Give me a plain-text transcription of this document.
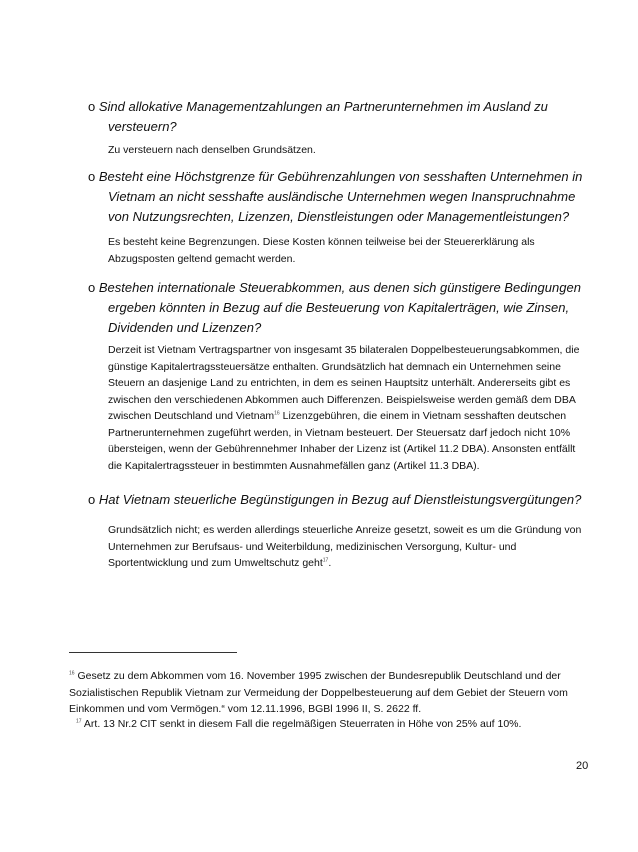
o Sind allokative Managementzahlungen an Partnerunternehmen im Ausland zu versteuern?
Zu versteuern nach denselben Grundsätzen.
o Besteht eine Höchstgrenze für Gebührenzahlungen von sesshaften Unternehmen in Vietnam an nicht sesshafte ausländische Unternehmen wegen Inanspruchnahme von Nutzungsrechten, Lizenzen, Dienstleistungen oder Managementleistungen?
Es besteht keine Begrenzungen. Diese Kosten können teilweise bei der Steuererklärung als Abzugsposten geltend gemacht werden.
o Bestehen internationale Steuerabkommen, aus denen sich günstigere Bedingungen ergeben könnten in Bezug auf die Besteuerung von Kapitalerträgen, wie Zinsen, Dividenden und Lizenzen?
Derzeit ist Vietnam Vertragspartner von insgesamt 35 bilateralen Doppelbesteuerungsabkommen, die günstige Kapitalertragssteuersätze enthalten. Grundsätzlich hat demnach ein Unternehmen seine Steuern an dasjenige Land zu entrichten, in dem es seinen Hauptsitz unterhält. Andererseits gibt es zwischen den verschiedenen Abkommen auch Differenzen. Beispielsweise werden gemäß dem DBA zwischen Deutschland und Vietnam$^{16}$ Lizenzgebühren, die einem in Vietnam sesshaften deutschen Partnerunternehmen zugeführt werden, in Vietnam besteuert. Der Steuersatz darf jedoch nicht 10% übersteigen, wenn der Gebührennehmer Inhaber der Lizenz ist (Artikel 11.2 DBA). Ansonsten entfällt die Kapitalertragssteuer in bestimmten Ausnahmefällen ganz (Artikel 11.3 DBA).
o Hat Vietnam steuerliche Begünstigungen in Bezug auf Dienstleistungsvergütungen?
Grundsätzlich nicht; es werden allerdings steuerliche Anreize gesetzt, soweit es um die Gründung von Unternehmen zur Berufsaus- und Weiterbildung, medizinischen Versorgung, Kultur- und Sportentwicklung und zum Umweltschutz geht$^{17}$.
$^{16}$ Gesetz zu dem Abkommen vom 16. November 1995 zwischen der Bundesrepublik Deutschland und der Sozialistischen Republik Vietnam zur Vermeidung der Doppelbesteuerung auf dem Gebiet der Steuern vom Einkommen und vom Vermögen.“ vom 12.11.1996, BGBl 1996 II, S. 2622 ff.
$^{17}$ Art. 13 Nr.2 CIT senkt in diesem Fall die regelmäßigen Steuerraten in Höhe von 25% auf 10%.
20
